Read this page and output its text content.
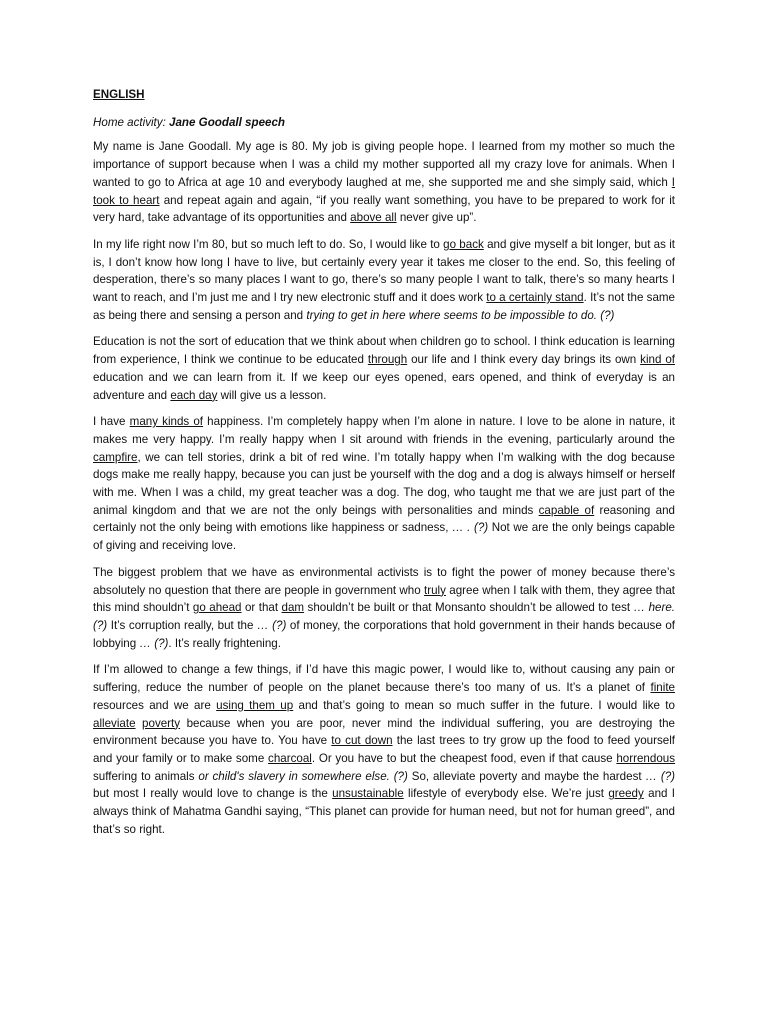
ENGLISH
Home activity: Jane Goodall speech

My name is Jane Goodall. My age is 80. My job is giving people hope. I learned from my mother so much the importance of support because when I was a child my mother supported all my crazy love for animals. When I wanted to go to Africa at age 10 and everybody laughed at me, she supported me and she simply said, which I took to heart and repeat again and again, “if you really want something, you have to be prepared to work for it very hard, take advantage of its opportunities and above all never give up”.

In my life right now I’m 80, but so much left to do. So, I would like to go back and give myself a bit longer, but as it is, I don’t know how long I have to live, but certainly every year it takes me closer to the end. So, this feeling of desperation, there’s so many places I want to go, there’s so many people I want to talk, there’s so many hearts I want to reach, and I’m just me and I try new electronic stuff and it does work to a certainly stand. It’s not the same as being there and sensing a person and trying to get in here where seems to be impossible to do. (?)

Education is not the sort of education that we think about when children go to school. I think education is learning from experience, I think we continue to be educated through our life and I think every day brings its own kind of education and we can learn from it. If we keep our eyes opened, ears opened, and think of everyday is an adventure and each day will give us a lesson.

I have many kinds of happiness. I’m completely happy when I’m alone in nature. I love to be alone in nature, it makes me very happy. I’m really happy when I sit around with friends in the evening, particularly around the campfire, we can tell stories, drink a bit of red wine. I’m totally happy when I’m walking with the dog because dogs make me really happy, because you can just be yourself with the dog and a dog is always himself or herself with me. When I was a child, my great teacher was a dog. The dog, who taught me that we are just part of the animal kingdom and that we are not the only beings with personalities and minds capable of reasoning and certainly not the only being with emotions like happiness or sadness, … . (?) Not we are the only beings capable of giving and receiving love.

The biggest problem that we have as environmental activists is to fight the power of money because there’s absolutely no question that there are people in government who truly agree when I talk with them, they agree that this mind shouldn’t go ahead or that dam shouldn’t be built or that Monsanto shouldn’t be allowed to test … here. (?) It’s corruption really, but the … (?) of money, the corporations that hold government in their hands because of lobbying … (?). It’s really frightening.

If I’m allowed to change a few things, if I’d have this magic power, I would like to, without causing any pain or suffering, reduce the number of people on the planet because there’s too many of us. It’s a planet of finite resources and we are using them up and that’s going to mean so much suffer in the future. I would like to alleviate poverty because when you are poor, never mind the individual suffering, you are destroying the environment because you have to. You have to cut down the last trees to try grow up the food to feed yourself and your family or to make some charcoal. Or you have to but the cheapest food, even if that cause horrendous suffering to animals or child's slavery in somewhere else. (?) So, alleviate poverty and maybe the hardest … (?) but most I really would love to change is the unsustainable lifestyle of everybody else. We’re just greedy and I always think of Mahatma Gandhi saying, “This planet can provide for human need, but not for human greed”, and that’s so right.
